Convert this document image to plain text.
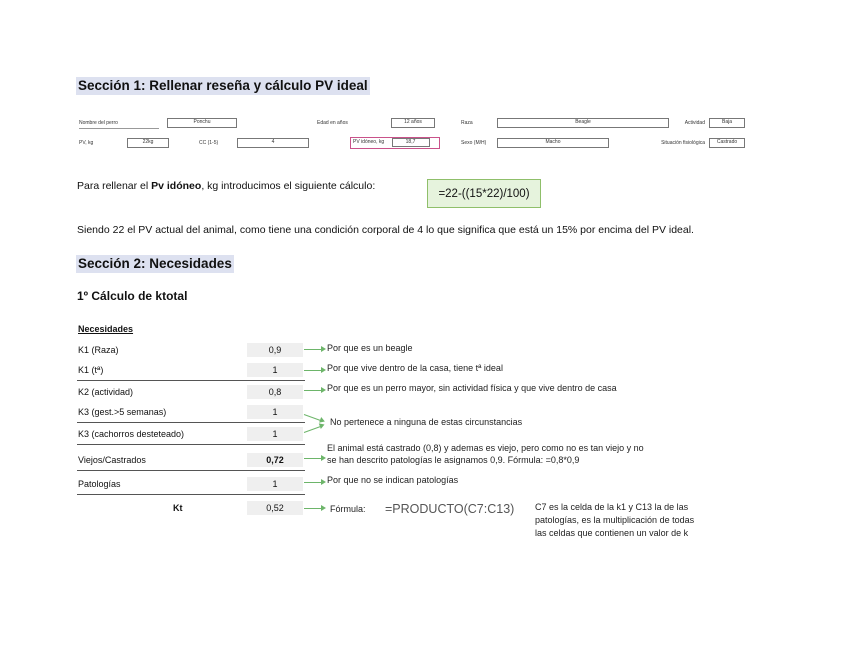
Sección 1: Rellenar reseña y cálculo PV ideal
Nombre del perro	Ponchu	Edad en años	12 años	Raza	Beagle	Actividad	Baja
PV, kg	22kg	CC (1-5)	4	PV idóneo, kg	18,7	Sexo (M/H)	Macho	Situación fisiológica	Castrado
Para rellenar el Pv idóneo, kg introducimos el siguiente cálculo:
=22-((15*22)/100)
Siendo 22 el PV actual del animal, como tiene una condición corporal de 4 lo que significa que está un 15% por encima del PV ideal.
Sección 2: Necesidades
1º Cálculo de ktotal
Necesidades
K1 (Raza)	0,9
K1 (tª)	1
K2 (actividad)	0,8
K3 (gest.>5 semanas)	1
K3 (cachorros desteteado)	1
Viejos/Castrados	0,72
Patologías	1
Kt	0,52
Por que es un beagle
Por que vive dentro de la casa, tiene tª ideal
Por que es un perro mayor, sin actividad física y que vive dentro de casa
No pertenece a ninguna de estas circunstancias
El animal está castrado (0,8) y ademas es viejo, pero como no es tan viejo y no
se han descrito patologías le asignamos 0,9. Fórmula: =0,8*0,9
Por que no se indican patologías
Fórmula: =PRODUCTO(C7:C13) C7 es la celda de la k1 y C13 la de las
patologías, es la multiplicación de todas
las celdas que contienen un valor de k
